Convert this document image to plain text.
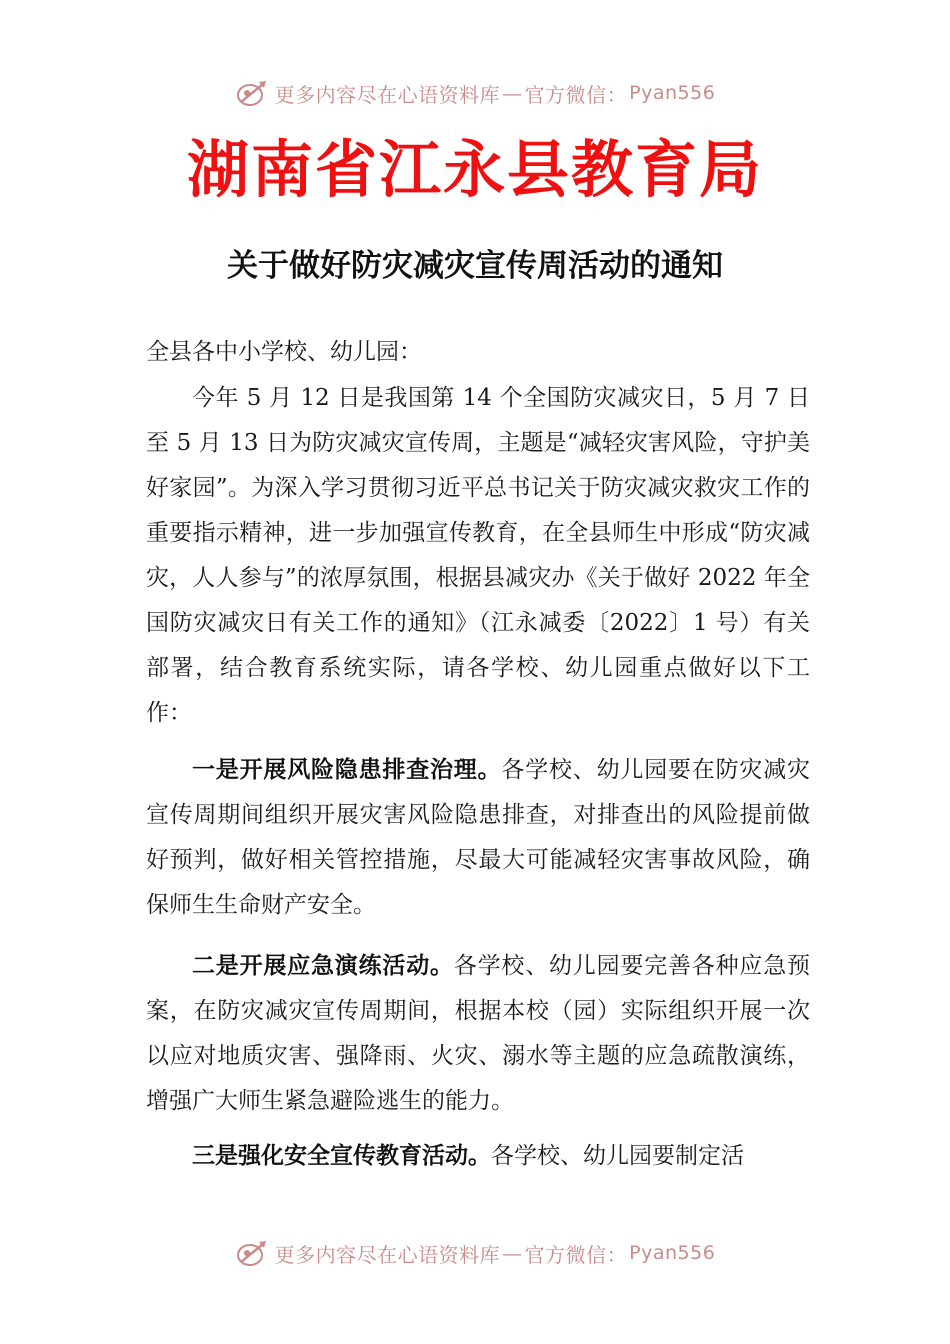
更多内容尽在心语资料库 — 官方微信： Pyan556
湖南省江永县教育局
关于做好防灾减灾宣传周活动的通知

全县各中小学校、幼儿园：

今年 5 月 12 日是我国第 14 个全国防灾减灾日，5 月 7 日至 5 月 13 日为防灾减灾宣传周，主题是“减轻灾害风险，守护美好家园”。为深入学习贯彻习近平总书记关于防灾减灾救灾工作的重要指示精神，进一步加强宣传教育，在全县师生中形成“防灾减灾，人人参与”的浓厚氛围，根据县减灾办《关于做好 2022 年全国防灾减灾日有关工作的通知》（江永减委〔2022〕1 号）有关部署，结合教育系统实际，请各学校、幼儿园重点做好以下工作：

一是开展风险隐患排查治理。各学校、幼儿园要在防灾减灾宣传周期间组织开展灾害风险隐患排查，对排查出的风险提前做好预判，做好相关管控措施，尽最大可能减轻灾害事故风险，确保师生生命财产安全。

二是开展应急演练活动。各学校、幼儿园要完善各种应急预案，在防灾减灾宣传周期间，根据本校（园）实际组织开展一次以应对地质灾害、强降雨、火灾、溺水等主题的应急疏散演练，增强广大师生紧急避险逃生的能力。

三是强化安全宣传教育活动。各学校、幼儿园要制定活

更多内容尽在心语资料库 — 官方微信： Pyan556
